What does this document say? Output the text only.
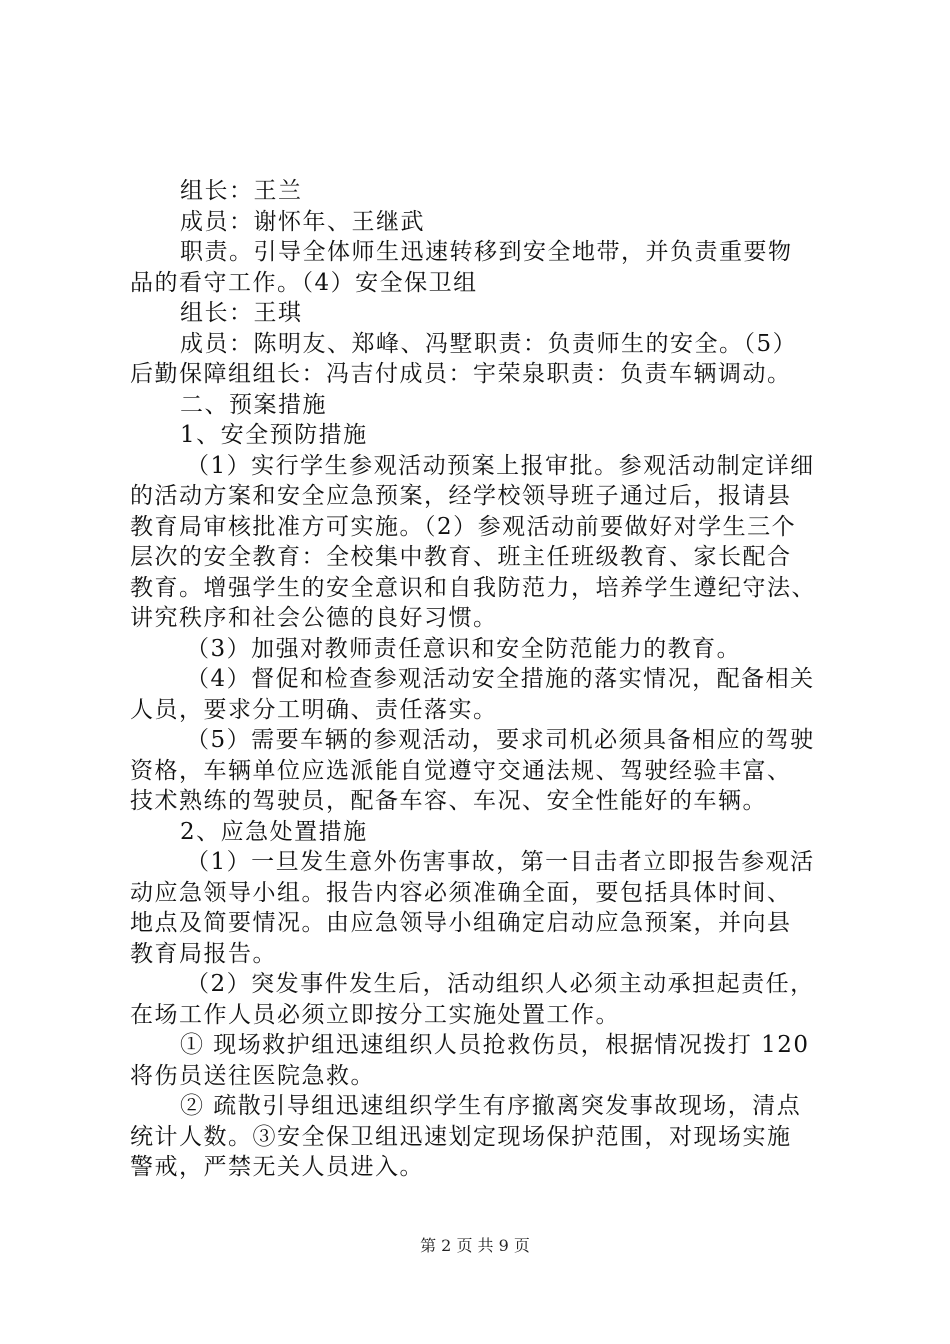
组长：王兰
成员：谢怀年、王继武
职责。引导全体师生迅速转移到安全地带，并负责重要物
品的看守工作。（4）安全保卫组
组长：王琪
成员：陈明友、郑峰、冯墅职责：负责师生的安全。（5）
后勤保障组组长：冯吉付成员：宇荣泉职责：负责车辆调动。
二、预案措施
1、安全预防措施
（1）实行学生参观活动预案上报审批。参观活动制定详细
的活动方案和安全应急预案，经学校领导班子通过后，报请县
教育局审核批准方可实施。（2）参观活动前要做好对学生三个
层次的安全教育：全校集中教育、班主任班级教育、家长配合
教育。增强学生的安全意识和自我防范力，培养学生遵纪守法、
讲究秩序和社会公德的良好习惯。
（3）加强对教师责任意识和安全防范能力的教育。
（4）督促和检查参观活动安全措施的落实情况，配备相关
人员，要求分工明确、责任落实。
（5）需要车辆的参观活动，要求司机必须具备相应的驾驶
资格，车辆单位应选派能自觉遵守交通法规、驾驶经验丰富、
技术熟练的驾驶员，配备车容、车况、安全性能好的车辆。
2、应急处置措施
（1）一旦发生意外伤害事故，第一目击者立即报告参观活
动应急领导小组。报告内容必须准确全面，要包括具体时间、
地点及简要情况。由应急领导小组确定启动应急预案，并向县
教育局报告。
（2）突发事件发生后，活动组织人必须主动承担起责任，
在场工作人员必须立即按分工实施处置工作。
① 现场救护组迅速组织人员抢救伤员，根据情况拨打 120
将伤员送往医院急救。
② 疏散引导组迅速组织学生有序撤离突发事故现场，清点
统计人数。③安全保卫组迅速划定现场保护范围，对现场实施
警戒，严禁无关人员进入。
第 2 页 共 9 页
